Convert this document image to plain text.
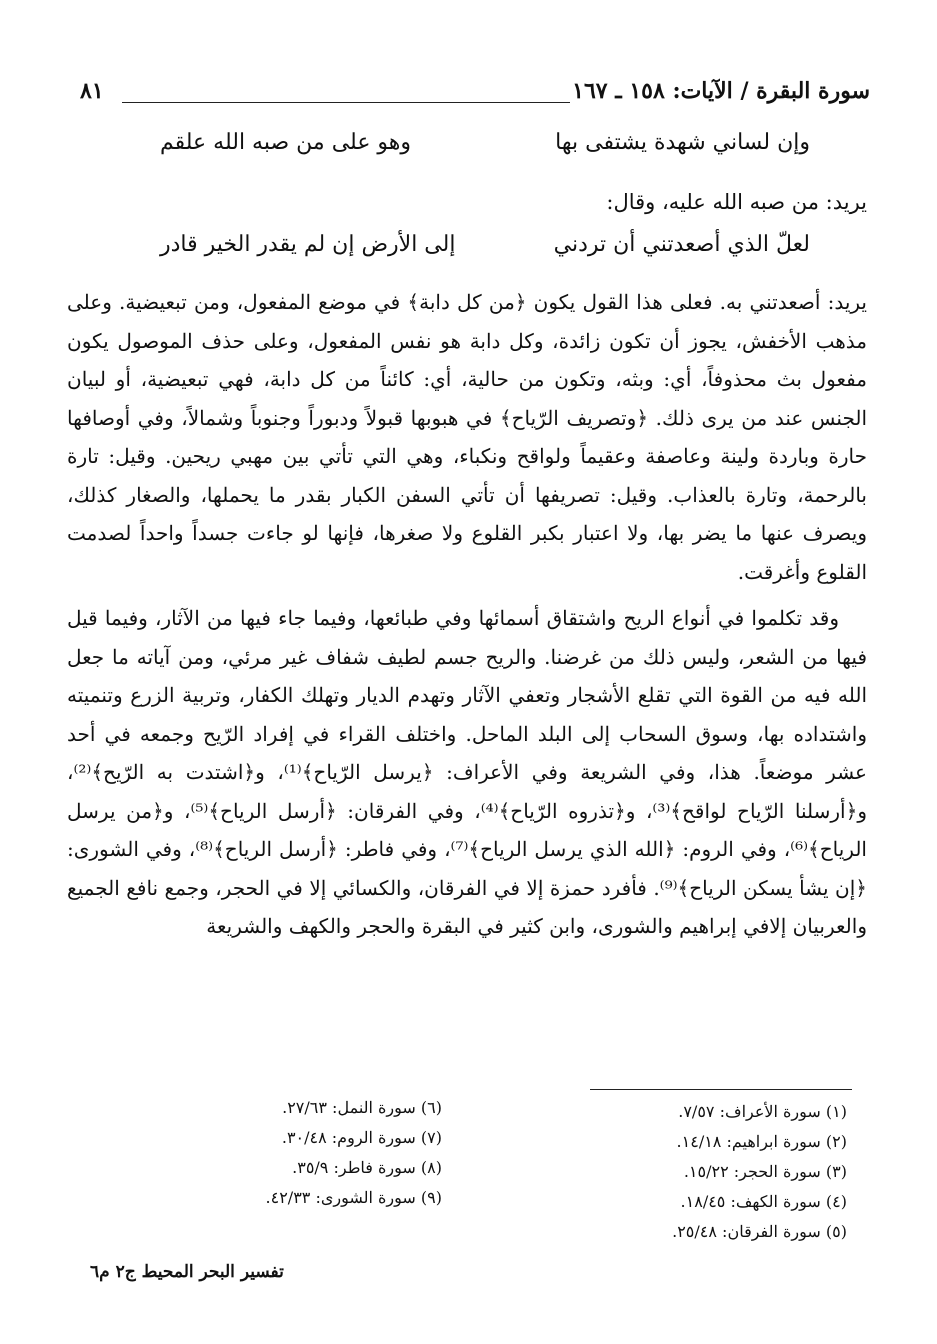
سورة البقرة / الآيات: ١٥٨ ـ ١٦٧
٨١
وإن لساني شهدة يشتفى بها
وهو على من صبه الله علقم
يريد: من صبه الله عليه، وقال:
لعلّ الذي أصعدتني أن تردني
إلى الأرض إن لم يقدر الخير قادر

يريد: أصعدتني به. فعلى هذا القول يكون ﴿من كل دابة﴾ في موضع المفعول، ومن تبعيضية. وعلى مذهب الأخفش، يجوز أن تكون زائدة، وكل دابة هو نفس المفعول، وعلى حذف الموصول يكون مفعول بث محذوفاً، أي: وبثه، وتكون من حالية، أي: كائناً من كل دابة، فهي تبعيضية، أو لبيان الجنس عند من يرى ذلك. ﴿وتصريف الرّياح﴾ في هبوبها قبولاً ودبوراً وجنوباً وشمالاً، وفي أوصافها حارة وباردة ولينة وعاصفة وعقيماً ولواقح ونكباء، وهي التي تأتي بين مهبي ريحين. وقيل: تارة بالرحمة، وتارة بالعذاب. وقيل: تصريفها أن تأتي السفن الكبار بقدر ما يحملها، والصغار كذلك، ويصرف عنها ما يضر بها، ولا اعتبار بكبر القلوع ولا صغرها، فإنها لو جاءت جسداً واحداً لصدمت القلوع وأغرقت.

وقد تكلموا في أنواع الريح واشتقاق أسمائها وفي طبائعها، وفيما جاء فيها من الآثار، وفيما قيل فيها من الشعر، وليس ذلك من غرضنا. والريح جسم لطيف شفاف غير مرئي، ومن آياته ما جعل الله فيه من القوة التي تقلع الأشجار وتعفي الآثار وتهدم الديار وتهلك الكفار، وتربية الزرع وتنميته واشتداده بها، وسوق السحاب إلى البلد الماحل. واختلف القراء في إفراد الرّيح وجمعه في أحد عشر موضعاً. هذا، وفي الشريعة وفي الأعراف: ﴿يرسل الرّياح﴾⁽¹⁾، و﴿اشتدت به الرّيح﴾⁽²⁾، و﴿أرسلنا الرّياح لواقح﴾⁽³⁾، و﴿تذروه الرّياح﴾⁽⁴⁾، وفي الفرقان: ﴿أرسل الرياح﴾⁽⁵⁾، و﴿من يرسل الرياح﴾⁽⁶⁾، وفي الروم: ﴿الله الذي يرسل الرياح﴾⁽⁷⁾، وفي فاطر: ﴿أرسل الرياح﴾⁽⁸⁾، وفي الشورى: ﴿إن يشأ يسكن الرياح﴾⁽⁹⁾. فأفرد حمزة إلا في الفرقان، والكسائي إلا في الحجر، وجمع نافع الجميع والعربيان إلافي إبراهيم والشورى، وابن كثير في البقرة والحجر والكهف والشريعة

(١) سورة الأعراف: ٧/٥٧.
(٢) سورة ابراهيم: ١٤/١٨.
(٣) سورة الحجر: ١٥/٢٢.
(٤) سورة الكهف: ١٨/٤٥.
(٥) سورة الفرقان: ٢٥/٤٨.
(٦) سورة النمل: ٢٧/٦٣.
(٧) سورة الروم: ٣٠/٤٨.
(٨) سورة فاطر: ٣٥/٩.
(٩) سورة الشورى: ٤٢/٣٣.
تفسير البحر المحيط ج٢ م٦
